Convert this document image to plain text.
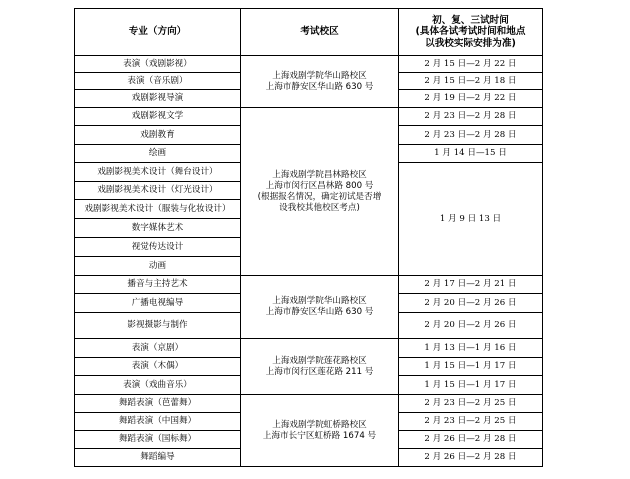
专业（方向）	考试校区	初、复、三试时间
(具体各试考试时间和地点
以我校实际安排为准)

表演（戏剧影视）	上海戏剧学院华山路校区
上海市静安区华山路 630 号	2 月 15 日—2 月 22 日
表演（音乐剧）		2 月 15 日—2 月 18 日
戏剧影视导演		2 月 19 日—2 月 22 日
戏剧影视文学	上海戏剧学院昌林路校区
上海市闵行区昌林路 800 号
(根据报名情况，确定初试是否增
设我校其他校区考点)	2 月 23 日—2 月 28 日
戏剧教育		2 月 23 日—2 月 28 日
绘画		1 月 14 日—15 日
戏剧影视美术设计（舞台设计）		1 月 9 日 13 日
戏剧影视美术设计（灯光设计）		
戏剧影视美术设计（服装与化妆设计）		
数字媒体艺术		
视觉传达设计		
动画		
播音与主持艺术	上海戏剧学院华山路校区
上海市静安区华山路 630 号	2 月 17 日—2 月 21 日
广播电视编导		2 月 20 日—2 月 26 日
影视摄影与制作		2 月 20 日—2 月 26 日
表演（京剧）	上海戏剧学院莲花路校区
上海市闵行区莲花路 211 号	1 月 13 日—1 月 16 日
表演（木偶）		1 月 15 日—1 月 17 日
表演（戏曲音乐）		1 月 15 日—1 月 17 日
舞蹈表演（芭蕾舞）	上海戏剧学院虹桥路校区
上海市长宁区虹桥路 1674 号	2 月 23 日—2 月 25 日
舞蹈表演（中国舞）		2 月 23 日—2 月 25 日
舞蹈表演（国标舞）		2 月 26 日—2 月 28 日
舞蹈编导		2 月 26 日—2 月 28 日
